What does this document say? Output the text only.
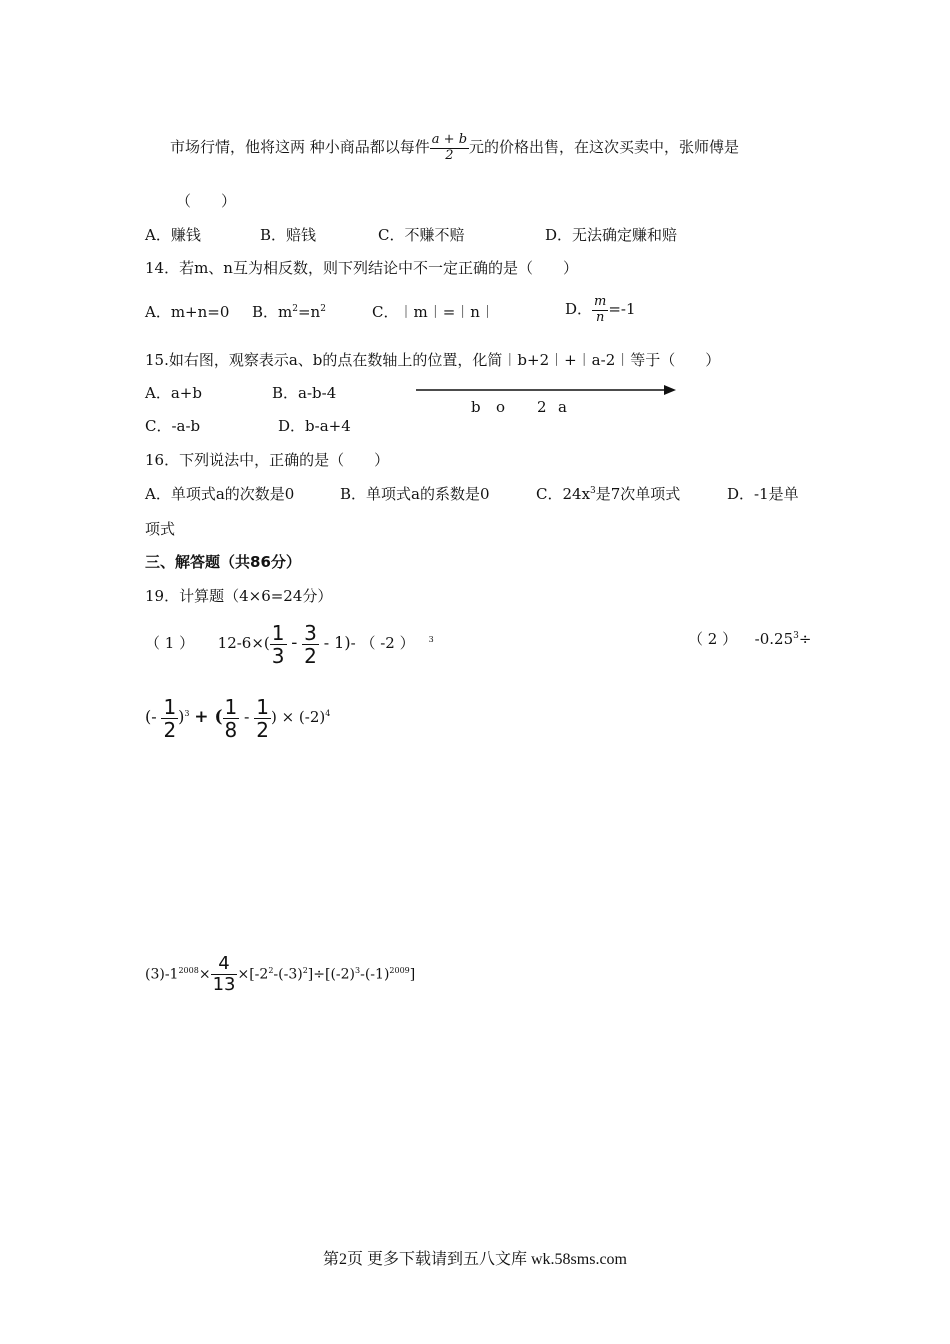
市场行情，他将这两 种小商品都以每件 $\frac{a + b}{2}$ 元的价格出售，在这次买卖中，张师傅是
（　　）
A．赚钱	B．赔钱	C．不赚不赔	D．无法确定赚和赔
14．若m、n互为相反数，则下列结论中不一定正确的是（　　）
A．m+n=0 B．$m^2=n^2$	C．︱m︱=︱n︱	D． $\frac{m}{n} =-1$
15.如右图，观察表示a、b的点在数轴上的位置，化简︱b+2︱+︱a-2︱等于（　　）
A．a+b	B．a-b-4
C．-a-b	D．b-a+4
b o 2 a
16．下列说法中，正确的是（　　）
A．单项式a的次数是0	B．单项式a的系数是0	C．$24x^3$是7次单项式	D．-1是单
项式
三、解答题（共86分）
19．计算题（4×6=24分）
（ 1 ） $12-6\times( \frac{1}{3} - \frac{3}{2} - 1)-$ （ -2 ） $^3$	（ 2 ） $-0.25^3\div$
(- $\frac{1}{2} )^3$ + ( $\frac{1}{8} - \frac{1}{2}$ ) × $(-2)^4$
$(3)-1^{2008}\times \frac{4}{13} \times[-2^2-(-3)^2]\div[(-2)^3-(-1)^{2009}]$
第2页 更多下载请到五八文库 wk.58sms.com
